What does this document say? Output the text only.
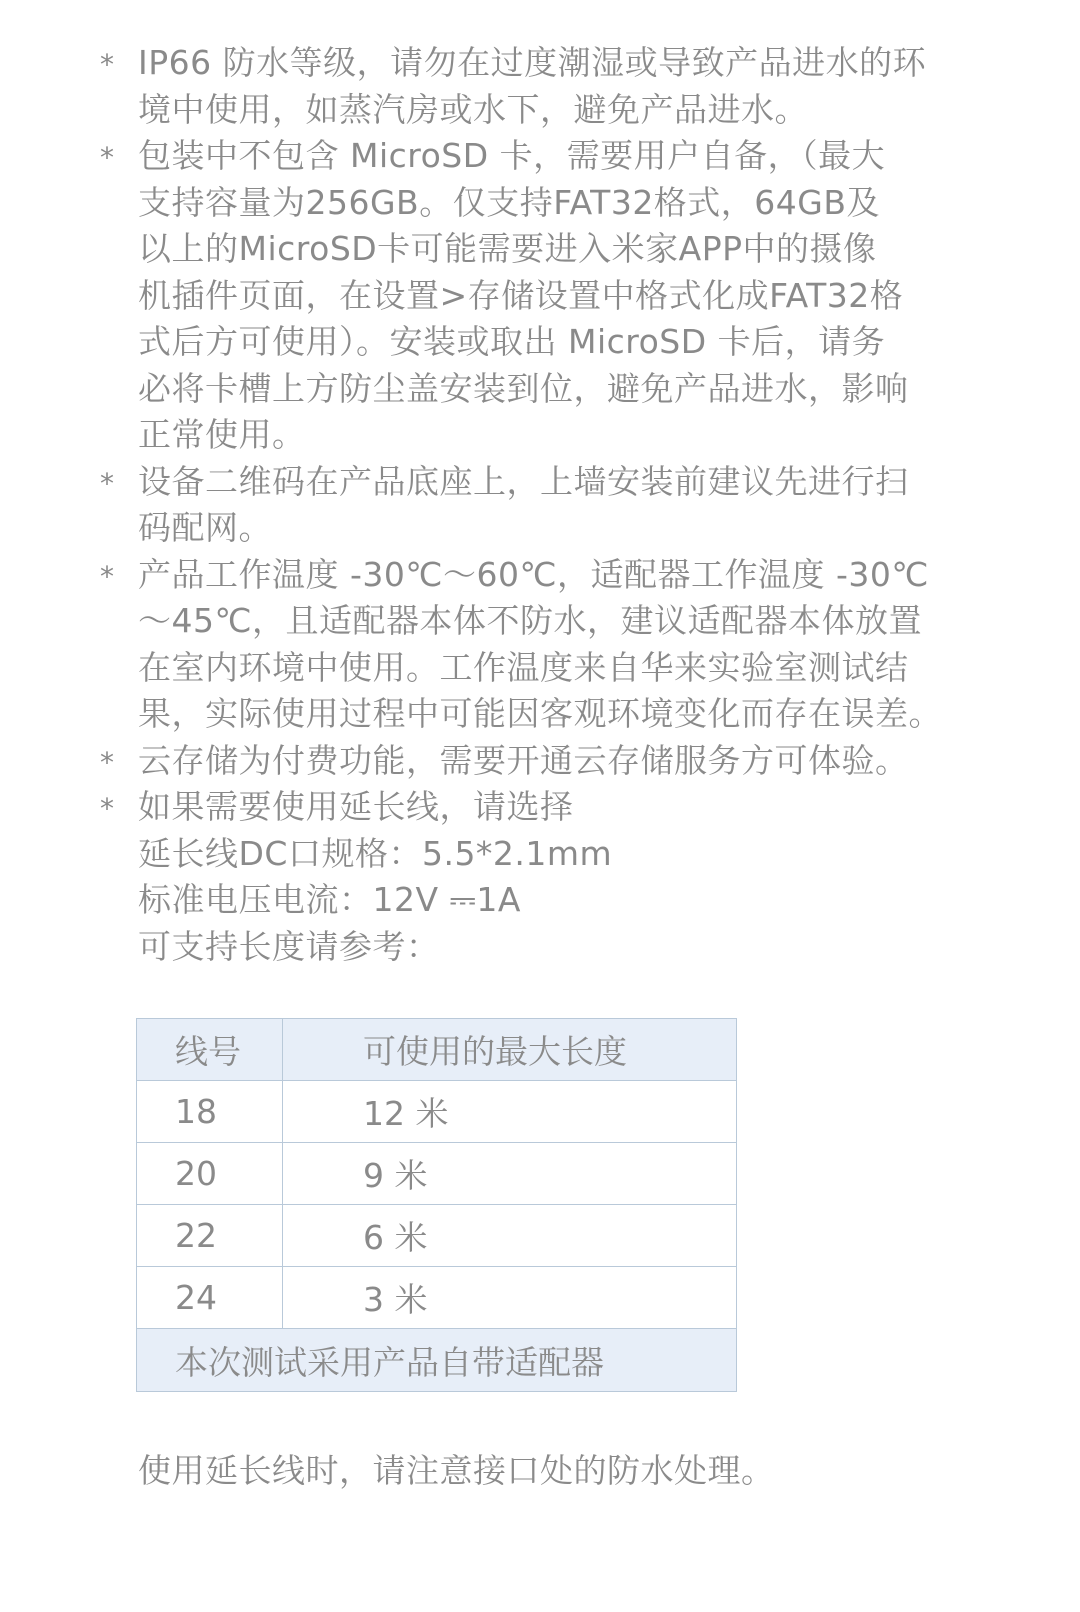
* IP66 防水等级，请勿在过度潮湿或导致产品进水的环
境中使用，如蒸汽房或水下，避免产品进水。
* 包装中不包含 MicroSD 卡，需要用户自备，（最大
支持容量为256GB。仅支持FAT32格式，64GB及
以上的MicroSD卡可能需要进入米家APP中的摄像
机插件页面，在设置>存储设置中格式化成FAT32格
式后方可使用）。安装或取出 MicroSD 卡后，请务
必将卡槽上方防尘盖安装到位，避免产品进水，影响
正常使用。
* 设备二维码在产品底座上，上墙安装前建议先进行扫
码配网。
* 产品工作温度 -30℃～60℃，适配器工作温度 -30℃
～45℃，且适配器本体不防水，建议适配器本体放置
在室内环境中使用。工作温度来自华来实验室测试结
果，实际使用过程中可能因客观环境变化而存在误差。
* 云存储为付费功能，需要开通云存储服务方可体验。
* 如果需要使用延长线，请选择
延长线DC口规格：5.5*2.1mm
标准电压电流：12V ⎓1A
可支持长度请参考：
线号	可使用的最大长度
18	12 米
20	9 米
22	6 米
24	3 米
本次测试采用产品自带适配器	

使用延长线时，请注意接口处的防水处理。
